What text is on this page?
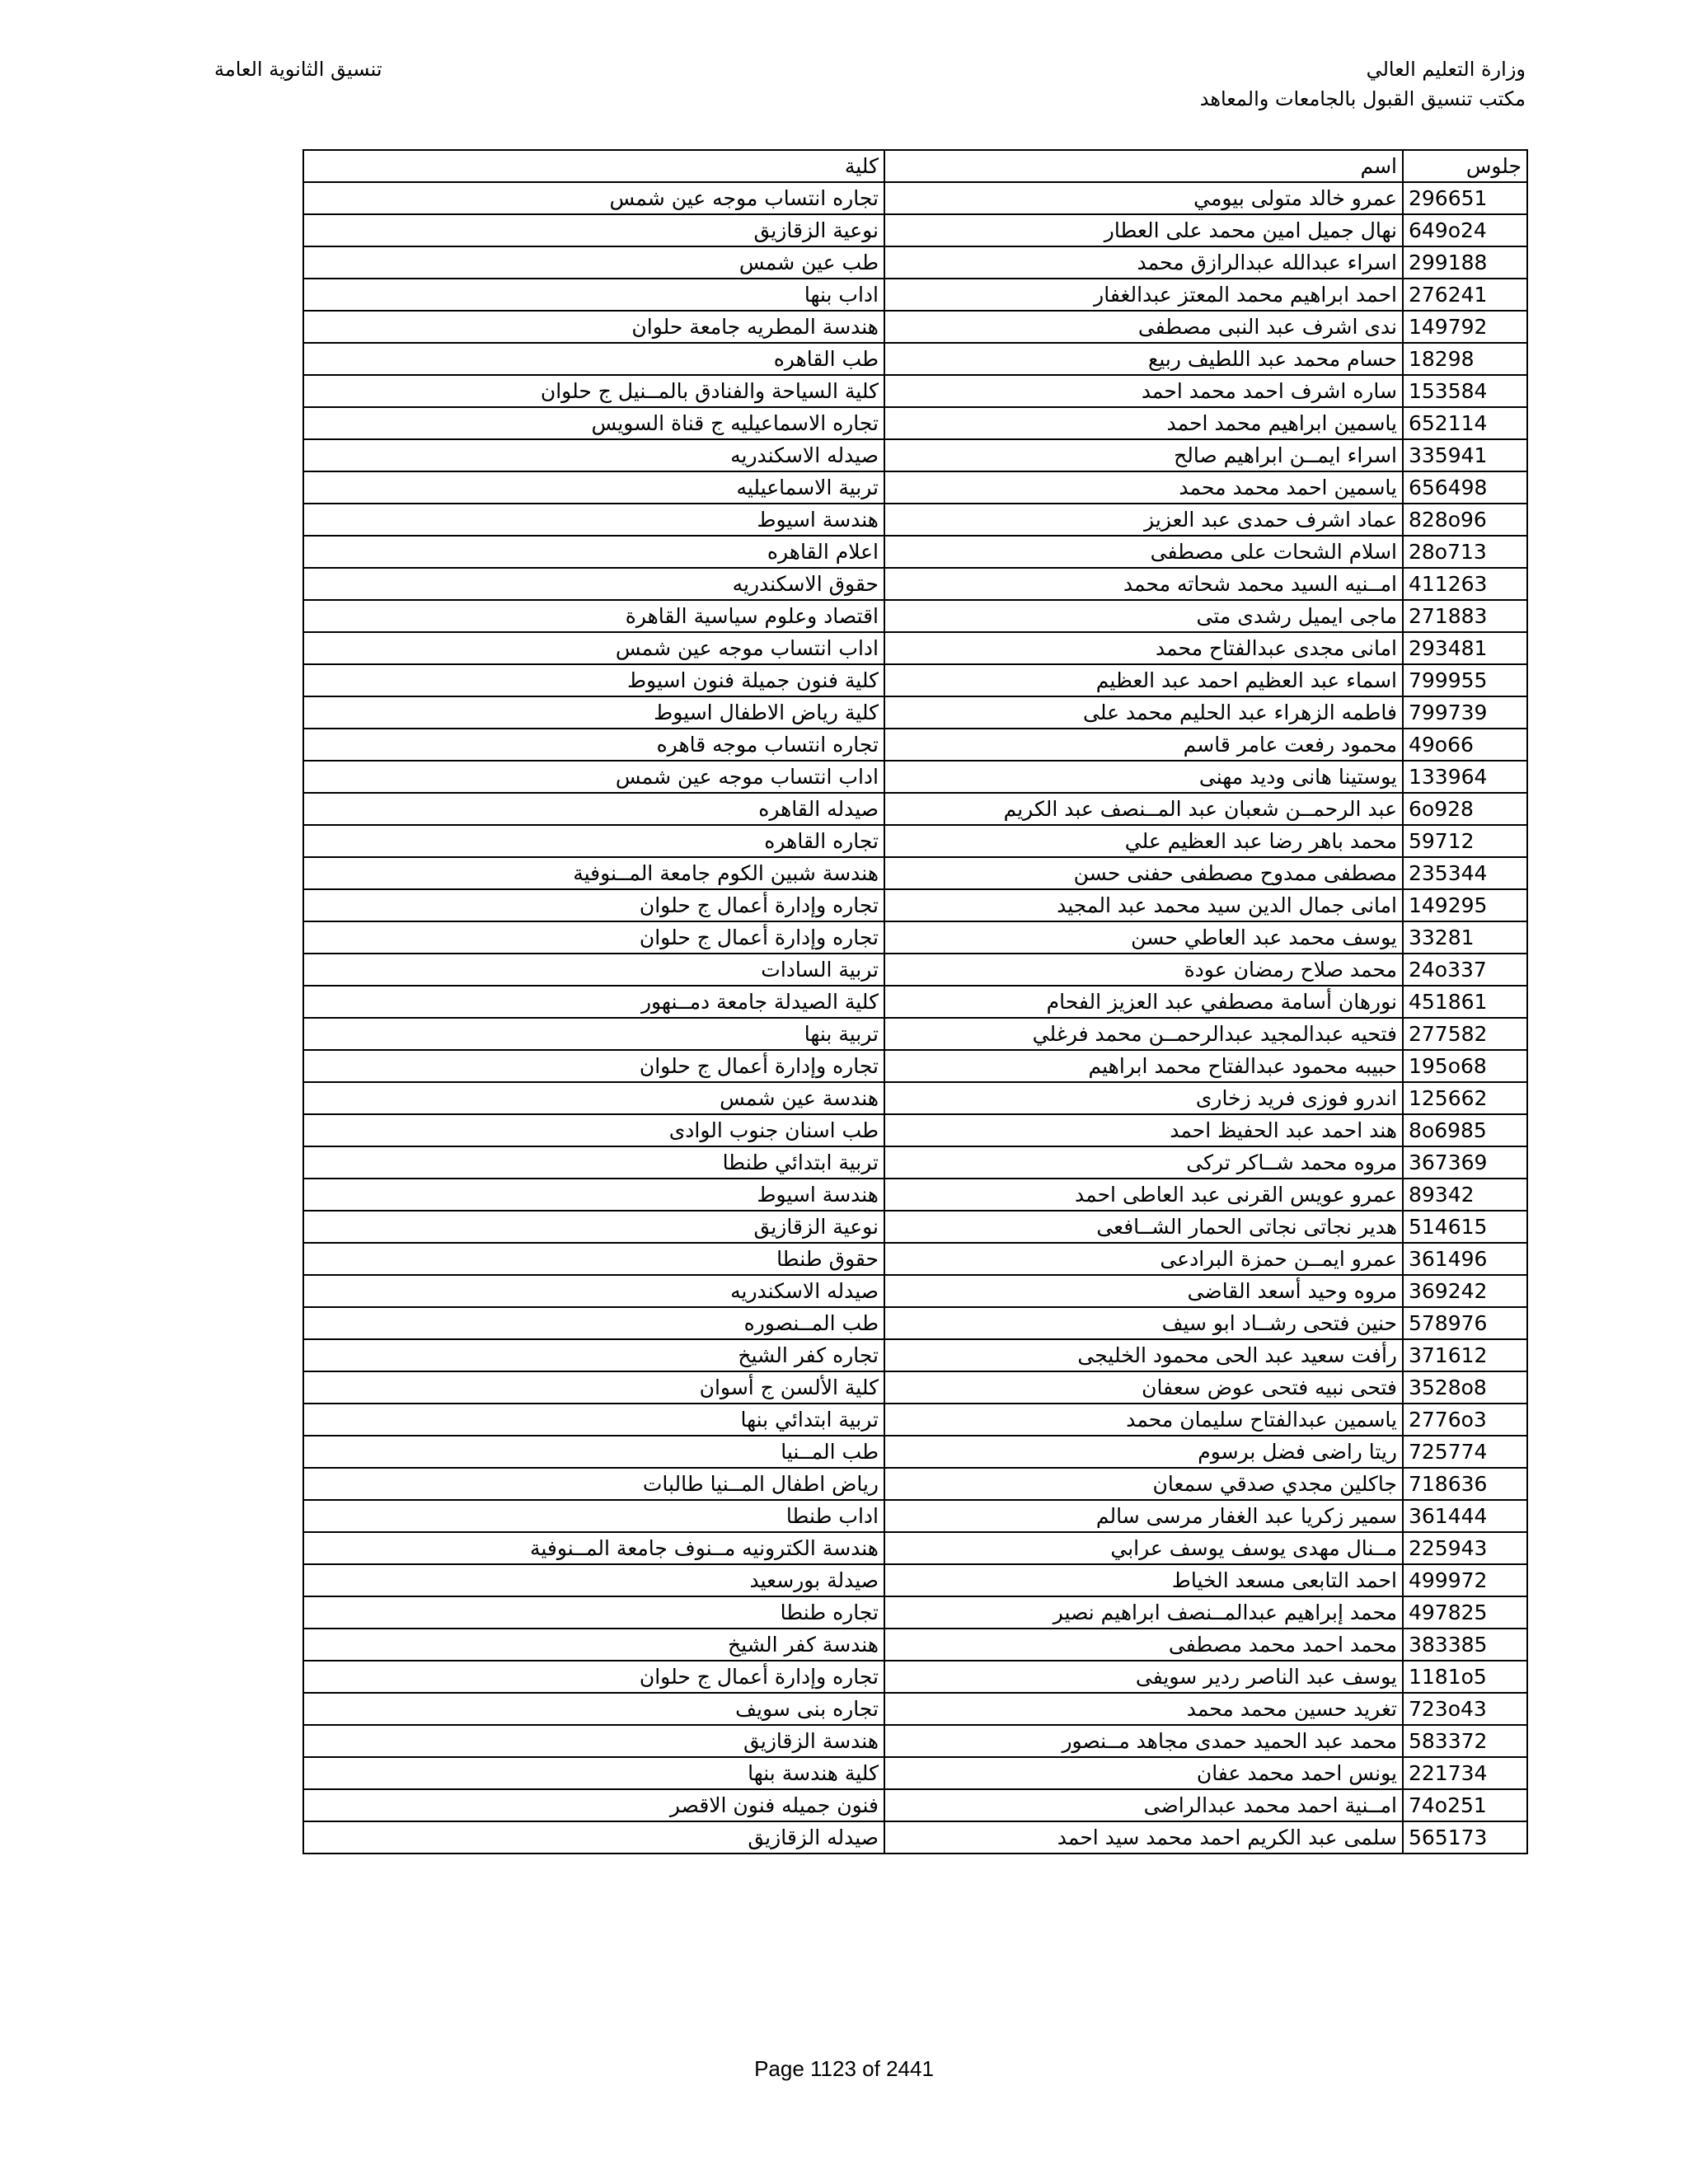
وزارة التعليم العالي
مكتب تنسيق القبول بالجامعات والمعاهد
تنسيق الثانوية العامة
كلية	اسم	جلوس
تجاره انتساب موجه عين شمس	عمرو خالد متولى بيومي	296651
نوعية الزقازيق	نهال جميل امين محمد على العطار	649o24
طب عين شمس	اسراء عبدالله عبدالرازق محمد	299188
اداب بنها	احمد ابراهيم محمد المعتز عبدالغفار	276241
هندسة المطريه جامعة حلوان	ندى اشرف عبد النبى مصطفى	149792
طب القاهره	حسام محمد عبد اللطيف ربيع	18298
كلية السياحة والفنادق بالمــنيل ج حلوان	ساره اشرف احمد محمد احمد	153584
تجاره الاسماعيليه ج قناة السويس	ياسمين ابراهيم محمد احمد	652114
صيدله الاسكندريه	اسراء ايمــن ابراهيم صالح	335941
تربية الاسماعيليه	ياسمين احمد محمد محمد	656498
هندسة اسيوط	عماد اشرف حمدى عبد العزيز	828o96
اعلام القاهره	اسلام الشحات على مصطفى	28o713
حقوق الاسكندريه	امــنيه السيد محمد شحاته محمد	411263
اقتصاد وعلوم سياسية القاهرة	ماجى ايميل رشدى متى	271883
اداب انتساب موجه عين شمس	امانى مجدى عبدالفتاح محمد	293481
كلية فنون جميلة فنون اسيوط	اسماء عبد العظيم احمد عبد العظيم	799955
كلية رياض الاطفال اسيوط	فاطمه الزهراء عبد الحليم محمد على	799739
تجاره انتساب موجه قاهره	محمود رفعت عامر قاسم	49o66
اداب انتساب موجه عين شمس	يوستينا هانى وديد مهنى	133964
صيدله القاهره	عبد الرحمــن شعبان عبد المــنصف عبد الكريم	6o928
تجاره القاهره	محمد باهر رضا عبد العظيم علي	59712
هندسة شبين الكوم جامعة المــنوفية	مصطفى ممدوح مصطفى حفنى حسن	235344
تجاره وإدارة أعمال ج حلوان	امانى جمال الدين سيد محمد عبد المجيد	149295
تجاره وإدارة أعمال ج حلوان	يوسف محمد عبد العاطي حسن	33281
تربية السادات	محمد صلاح رمضان عودة	24o337
كلية الصيدلة جامعة دمــنهور	نورهان أسامة مصطفي عبد العزيز الفحام	451861
تربية بنها	فتحيه عبدالمجيد عبدالرحمــن محمد فرغلي	277582
تجاره وإدارة أعمال ج حلوان	حبيبه محمود عبدالفتاح محمد ابراهيم	195o68
هندسة عين شمس	اندرو فوزى فريد زخارى	125662
طب اسنان جنوب الوادى	هند احمد عبد الحفيظ احمد	8o6985
تربية ابتدائي طنطا	مروه محمد شــاكر تركى	367369
هندسة اسيوط	عمرو عويس القرنى عبد العاطى احمد	89342
نوعية الزقازيق	هدير نجاتى نجاتى الحمار الشــافعى	514615
حقوق طنطا	عمرو ايمــن حمزة البرادعى	361496
صيدله الاسكندريه	مروه وحيد أسعد القاضى	369242
طب المــنصوره	حنين فتحى رشــاد ابو سيف	578976
تجاره كفر الشيخ	رأفت سعيد عبد الحى محمود الخليجى	371612
كلية الألسن ج أسوان	فتحى نبيه فتحى عوض سعفان	3528o8
تربية ابتدائي بنها	ياسمين عبدالفتاح سليمان محمد	2776o3
طب المــنيا	ريتا راضى فضل برسوم	725774
رياض اطفال المــنيا طالبات	جاكلين مجدي صدقي سمعان	718636
اداب طنطا	سمير زكريا عبد الغفار مرسى سالم	361444
هندسة الكترونيه مــنوف جامعة المــنوفية	مــنال مهدى يوسف يوسف عرابي	225943
صيدلة بورسعيد	احمد التابعى مسعد الخياط	499972
تجاره طنطا	محمد إبراهيم عبدالمــنصف ابراهيم نصير	497825
هندسة كفر الشيخ	محمد احمد محمد مصطفى	383385
تجاره وإدارة أعمال ج حلوان	يوسف عبد الناصر ردير سويفى	1181o5
تجاره بنى سويف	تغريد حسين محمد محمد	723o43
هندسة الزقازيق	محمد عبد الحميد حمدى مجاهد مــنصور	583372
كلية هندسة بنها	يونس احمد محمد عفان	221734
فنون جميله فنون الاقصر	امــنية احمد محمد عبدالراضى	74o251
صيدله الزقازيق	سلمى عبد الكريم احمد محمد سيد احمد	565173
Page 1123 of 2441
